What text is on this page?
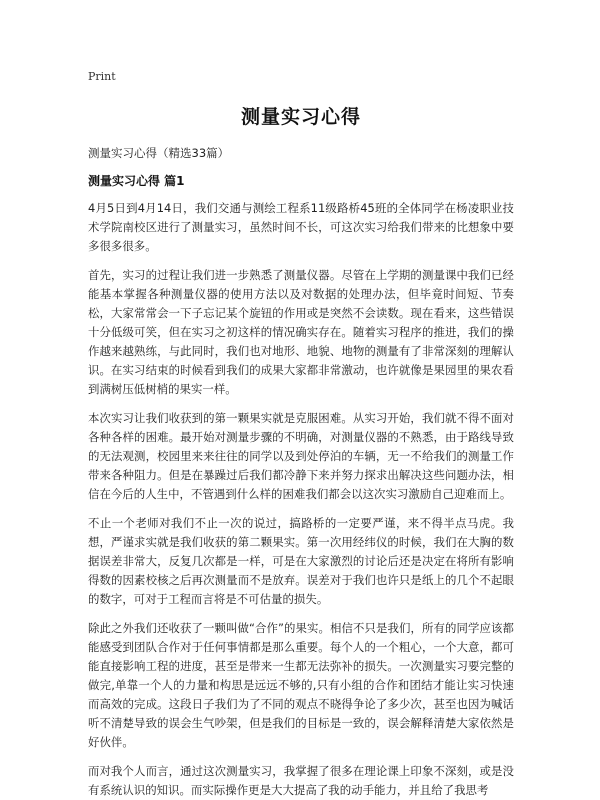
Print
测量实习心得
测量实习心得（精选33篇）
测量实习心得 篇1

4月5日到4月14日，我们交通与测绘工程系11级路桥45班的全体同学在杨凌职业技术学院南校区进行了测量实习，虽然时间不长，可这次实习给我们带来的比想象中要多很多很多。

首先，实习的过程让我们进一步熟悉了测量仪器。尽管在上学期的测量课中我们已经能基本掌握各种测量仪器的使用方法以及对数据的处理办法，但毕竟时间短、节奏松，大家常常会一下子忘记某个旋钮的作用或是突然不会读数。现在看来，这些错误十分低级可笑，但在实习之初这样的情况确实存在。随着实习程序的推进，我们的操作越来越熟练，与此同时，我们也对地形、地貌、地物的测量有了非常深刻的理解认识。在实习结束的时候看到我们的成果大家都非常激动，也许就像是果园里的果农看到满树压低树梢的果实一样。

本次实习让我们收获到的第一颗果实就是克服困难。从实习开始，我们就不得不面对各种各样的困难。最开始对测量步骤的不明确，对测量仪器的不熟悉，由于路线导致的无法观测，校园里来来往往的同学以及到处停泊的车辆，无一不给我们的测量工作带来各种阻力。但是在暴躁过后我们都冷静下来并努力探求出解决这些问题办法，相信在今后的人生中，不管遇到什么样的困难我们都会以这次实习激励自己迎难而上。

不止一个老师对我们不止一次的说过，搞路桥的一定要严谨，来不得半点马虎。我想，严谨求实就是我们收获的第二颗果实。第一次用经纬仪的时候，我们在大胸的数据误差非常大，反复几次都是一样，可是在大家激烈的讨论后还是决定在将所有影响得数的因素校核之后再次测量而不是放弃。误差对于我们也许只是纸上的几个不起眼的数字，可对于工程而言将是不可估量的损失。

除此之外我们还收获了一颗叫做“合作”的果实。相信不只是我们，所有的同学应该都能感受到团队合作对于任何事情都是那么重要。每个人的一个粗心，一个大意，都可能直接影响工程的进度，甚至是带来一生都无法弥补的损失。一次测量实习要完整的做完,单靠一个人的力量和构思是远远不够的,只有小组的合作和团结才能让实习快速而高效的完成。这段日子我们为了不同的观点不晓得争论了多少次，甚至也因为喊话听不清楚导致的误会生气吵架，但是我们的目标是一致的，误会解释清楚大家依然是好伙伴。

而对我个人而言，通过这次测量实习，我掌握了很多在理论课上印象不深刻，或是没有系统认识的知识。而实际操作更是大大提高了我的动手能力，并且给了我思考
